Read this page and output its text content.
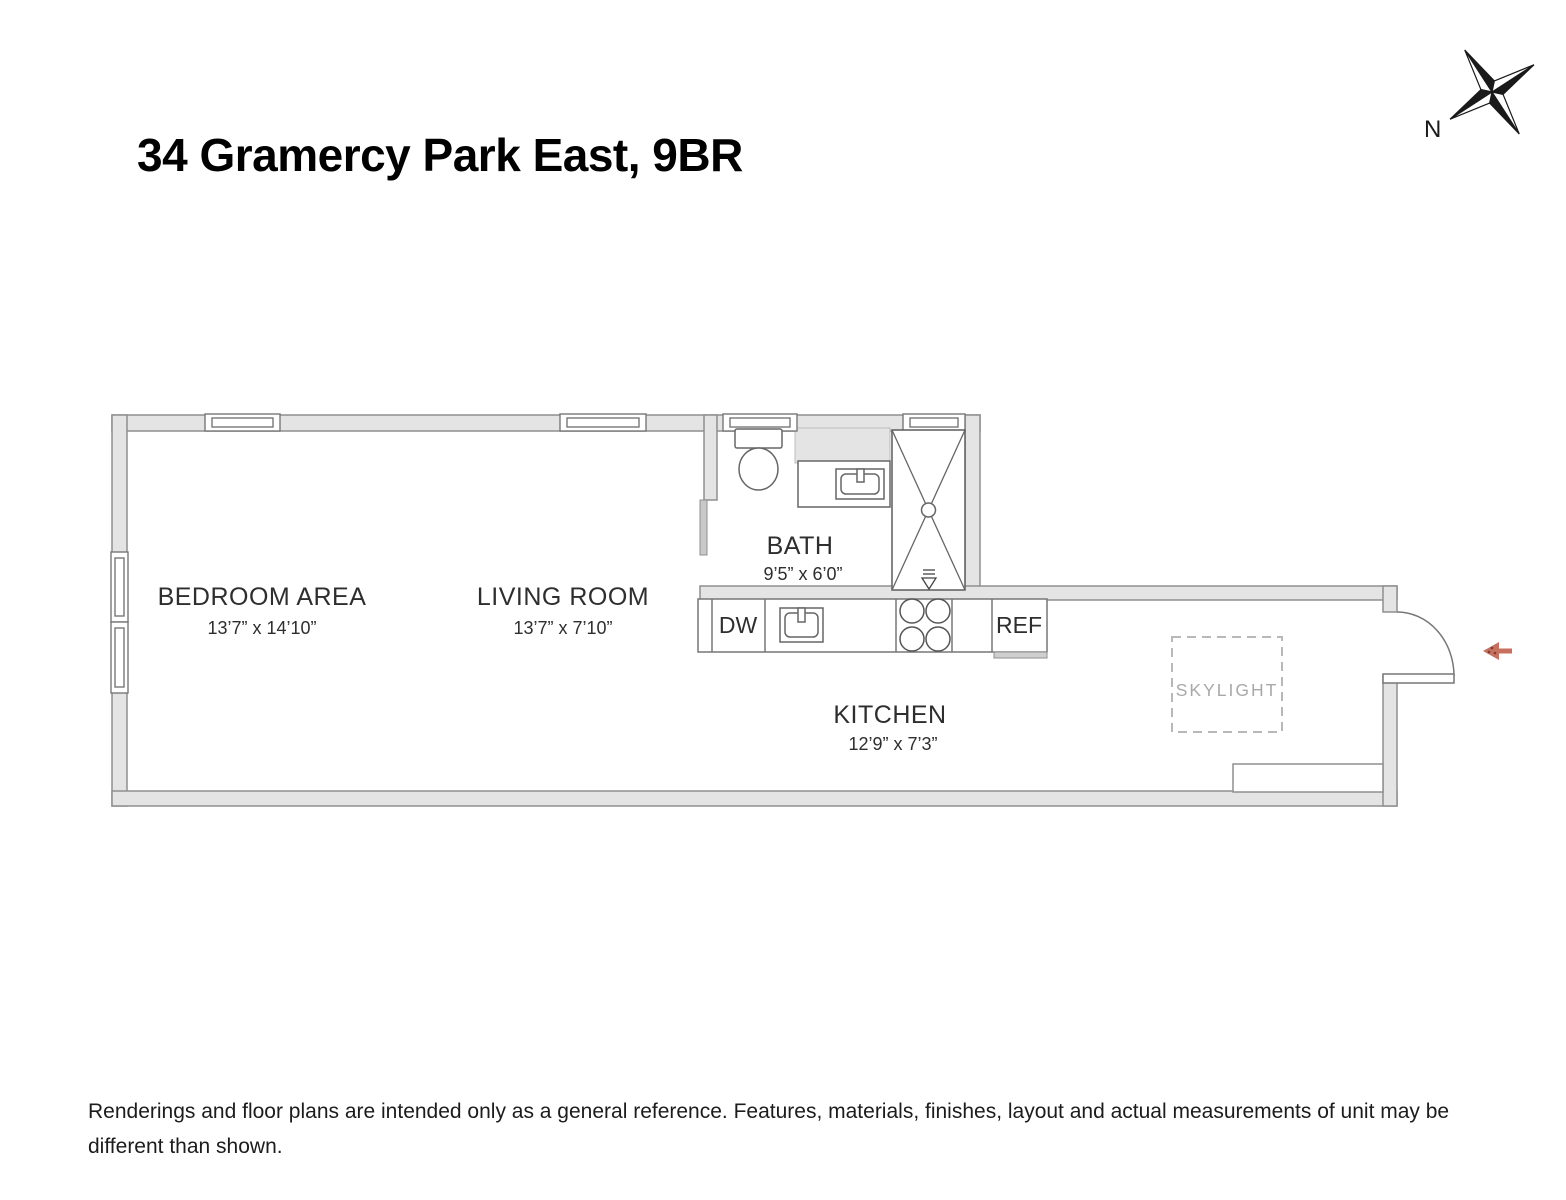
34 Gramercy Park East, 9BR
BEDROOM AREA
13’7” x 14’10”
LIVING ROOM
13’7” x 7’10”
BATH
9’5” x 6’0”
KITCHEN
12’9” x 7’3”
DW	REF
SKYLIGHT
N
Renderings and floor plans are intended only as a general reference. Features, materials, finishes, layout and actual measurements of unit may be different than shown.
